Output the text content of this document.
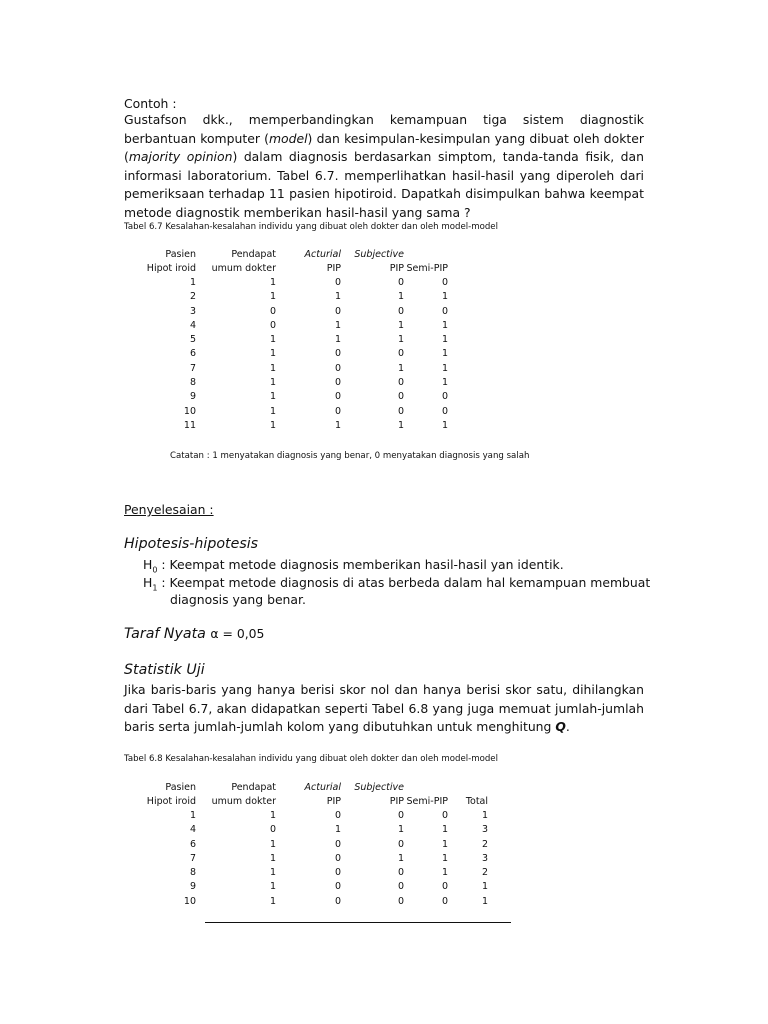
Contoh :

Gustafson dkk., memperbandingkan kemampuan tiga sistem diagnostik berbantuan komputer (model) dan kesimpulan-kesimpulan yang dibuat oleh dokter (majority opinion) dalam diagnosis berdasarkan simptom, tanda-tanda fisik, dan informasi laboratorium. Tabel 6.7. memperlihatkan hasil-hasil yang diperoleh dari pemeriksaan terhadap 11 pasien hipotiroid. Dapatkah disimpulkan bahwa keempat metode diagnostik memberikan hasil-hasil yang sama ?

Tabel 6.7 Kesalahan-kesalahan individu yang dibuat oleh dokter dan oleh model-model

Pasien	Pendapat	Acturial	Subjective	
Hipot iroid	umum dokter	PIP	PIP	Semi-PIP
1	1	0	0	0
2	1	1	1	1
3	0	0	0	0
4	0	1	1	1
5	1	1	1	1
6	1	0	0	1
7	1	0	1	1
8	1	0	0	1
9	1	0	0	0
10	1	0	0	0
11	1	1	1	1

Catatan : 1 menyatakan diagnosis yang benar, 0 menyatakan diagnosis yang salah

Penyelesaian :

Hipotesis-hipotesis

$H_0$ : Keempat metode diagnosis memberikan hasil-hasil yan identik.

$H_1$ : Keempat metode diagnosis di atas berbeda dalam hal kemampuan membuat

diagnosis yang benar.

Taraf Nyata α = 0,05

Statistik Uji

Jika baris-baris yang hanya berisi skor nol dan hanya berisi skor satu, dihilangkan dari Tabel 6.7, akan didapatkan seperti Tabel 6.8 yang juga memuat jumlah-jumlah baris serta jumlah-jumlah kolom yang dibutuhkan untuk menghitung Q.

Tabel 6.8 Kesalahan-kesalahan individu yang dibuat oleh dokter dan oleh model-model

Pasien	Pendapat	Acturial	Subjective		
Hipot iroid	umum dokter	PIP	PIP	Semi-PIP	Total
1	1	0	0	0	1
4	0	1	1	1	3
6	1	0	0	1	2
7	1	0	1	1	3
8	1	0	0	1	2
9	1	0	0	0	1
10	1	0	0	0	1
